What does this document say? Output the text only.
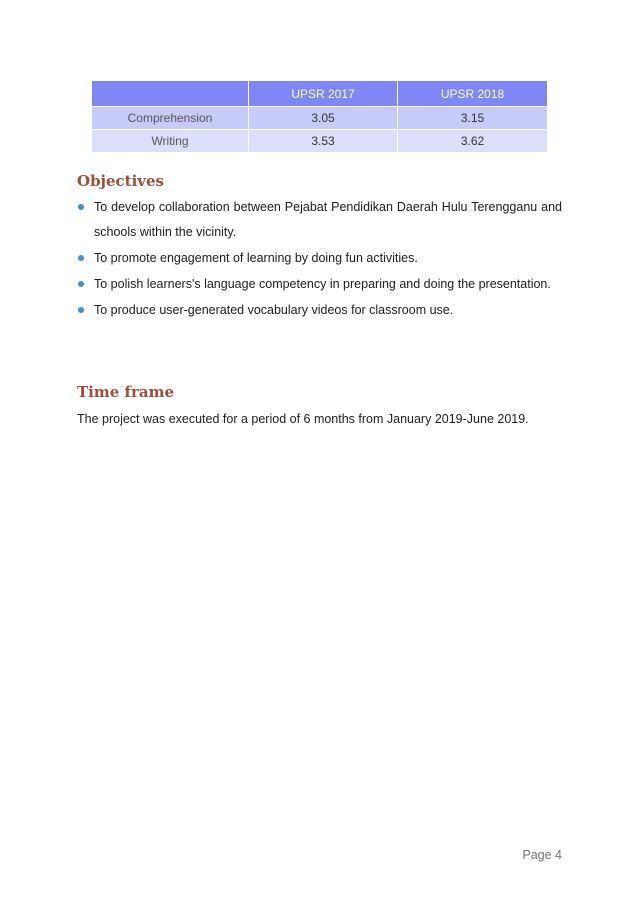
	UPSR 2017	UPSR 2018
Comprehension	3.05	3.15
Writing	3.53	3.62
Objectives
To develop collaboration between Pejabat Pendidikan Daerah Hulu Terengganu and schools within the vicinity.
To promote engagement of learning by doing fun activities.
To polish learners's language competency in preparing and doing the presentation.
To produce user-generated vocabulary videos for classroom use.
Time frame

The project was executed for a period of 6 months from January 2019-June 2019.

Page 4
